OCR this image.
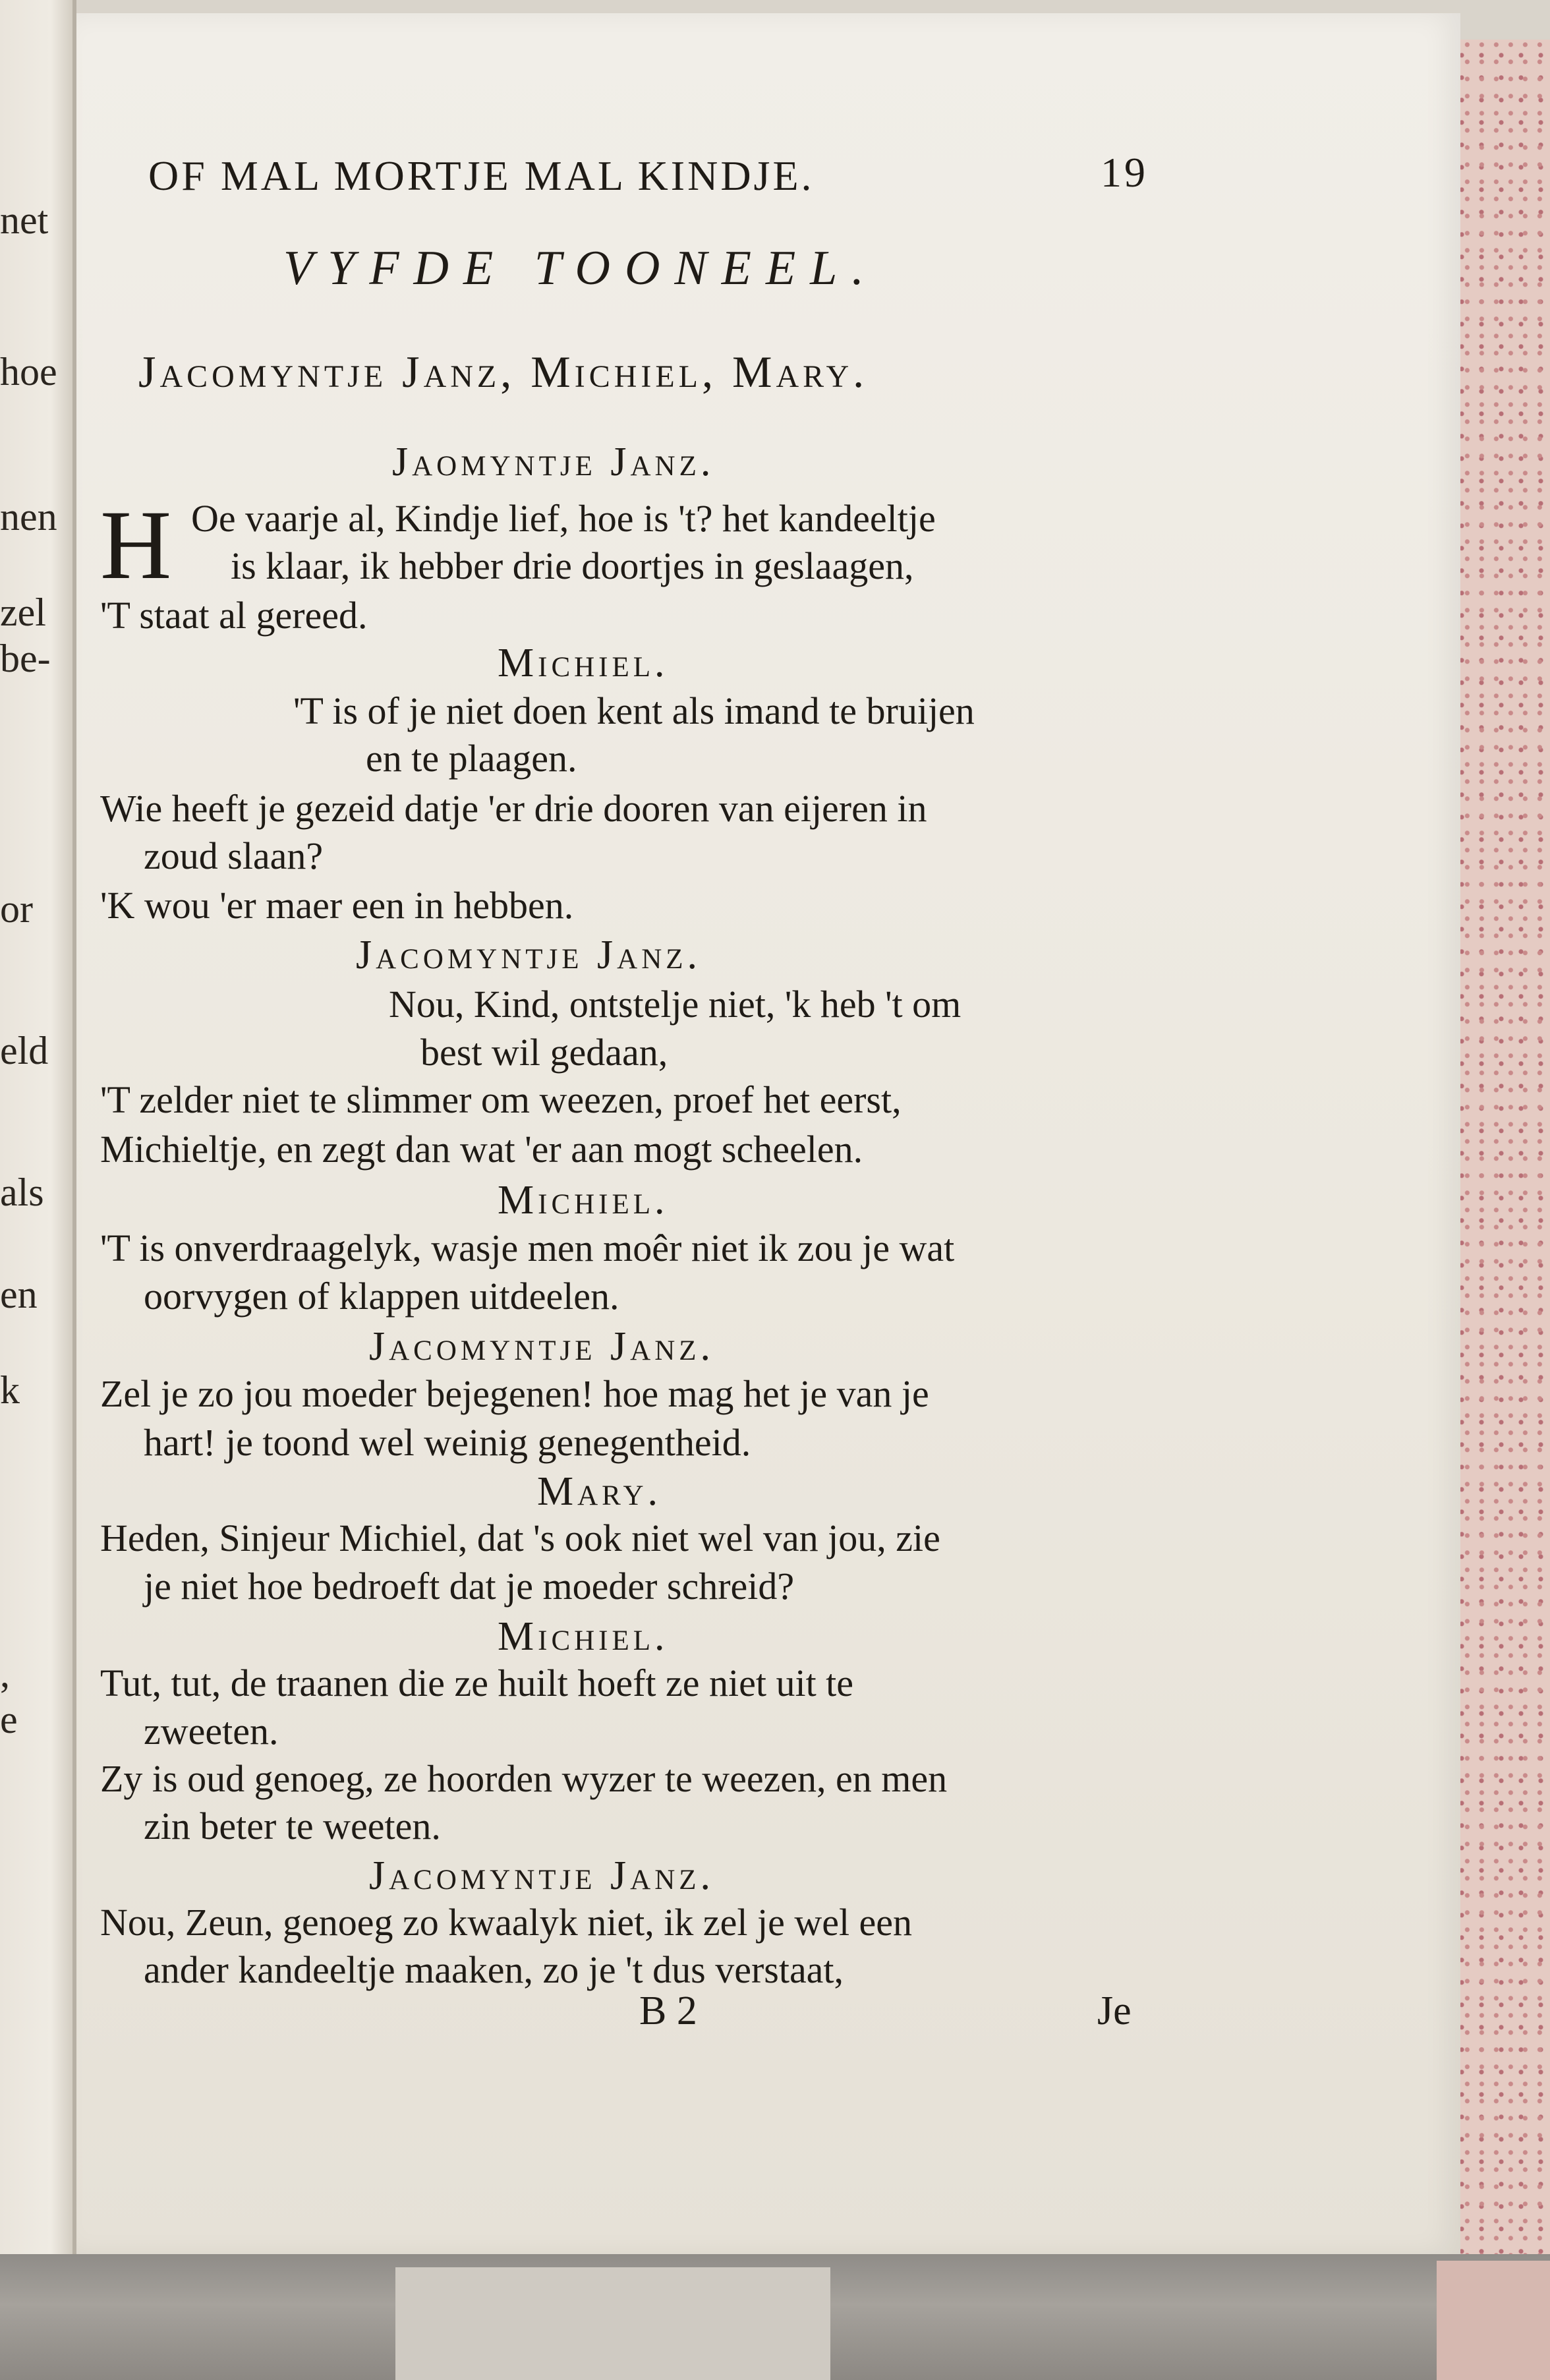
net
hoe
nen
zel
be-
or
eld
als
en
k
,
e
OF MAL MORTJE MAL KINDJE.	19
VYFDE TOONEEL.
Jacomyntje Janz, Michiel, Mary.
Jaomyntje Janz.
H Oe vaarje al, Kindje lief, hoe is 't? het kandeeltje
is klaar, ik hebber drie doortjes in geslaagen,
'T staat al gereed.
Michiel.
'T is of je niet doen kent als imand te bruijen
en te plaagen.
Wie heeft je gezeid datje 'er drie dooren van eijeren in
zoud slaan?
'K wou 'er maer een in hebben.
Jacomyntje Janz.
Nou, Kind, ontstelje niet, 'k heb 't om
best wil gedaan,
'T zelder niet te slimmer om weezen, proef het eerst,
Michieltje, en zegt dan wat 'er aan mogt scheelen.
Michiel.
'T is onverdraagelyk, wasje men moêr niet ik zou je wat
oorvygen of klappen uitdeelen.
Jacomyntje Janz.
Zel je zo jou moeder bejegenen! hoe mag het je van je
hart! je toond wel weinig genegentheid.
Mary.
Heden, Sinjeur Michiel, dat 's ook niet wel van jou, zie
je niet hoe bedroeft dat je moeder schreid?
Michiel.
Tut, tut, de traanen die ze huilt hoeft ze niet uit te
zweeten.
Zy is oud genoeg, ze hoorden wyzer te weezen, en men
zin beter te weeten.
Jacomyntje Janz.
Nou, Zeun, genoeg zo kwaalyk niet, ik zel je wel een
ander kandeeltje maaken, zo je 't dus verstaat,
B 2	Je
